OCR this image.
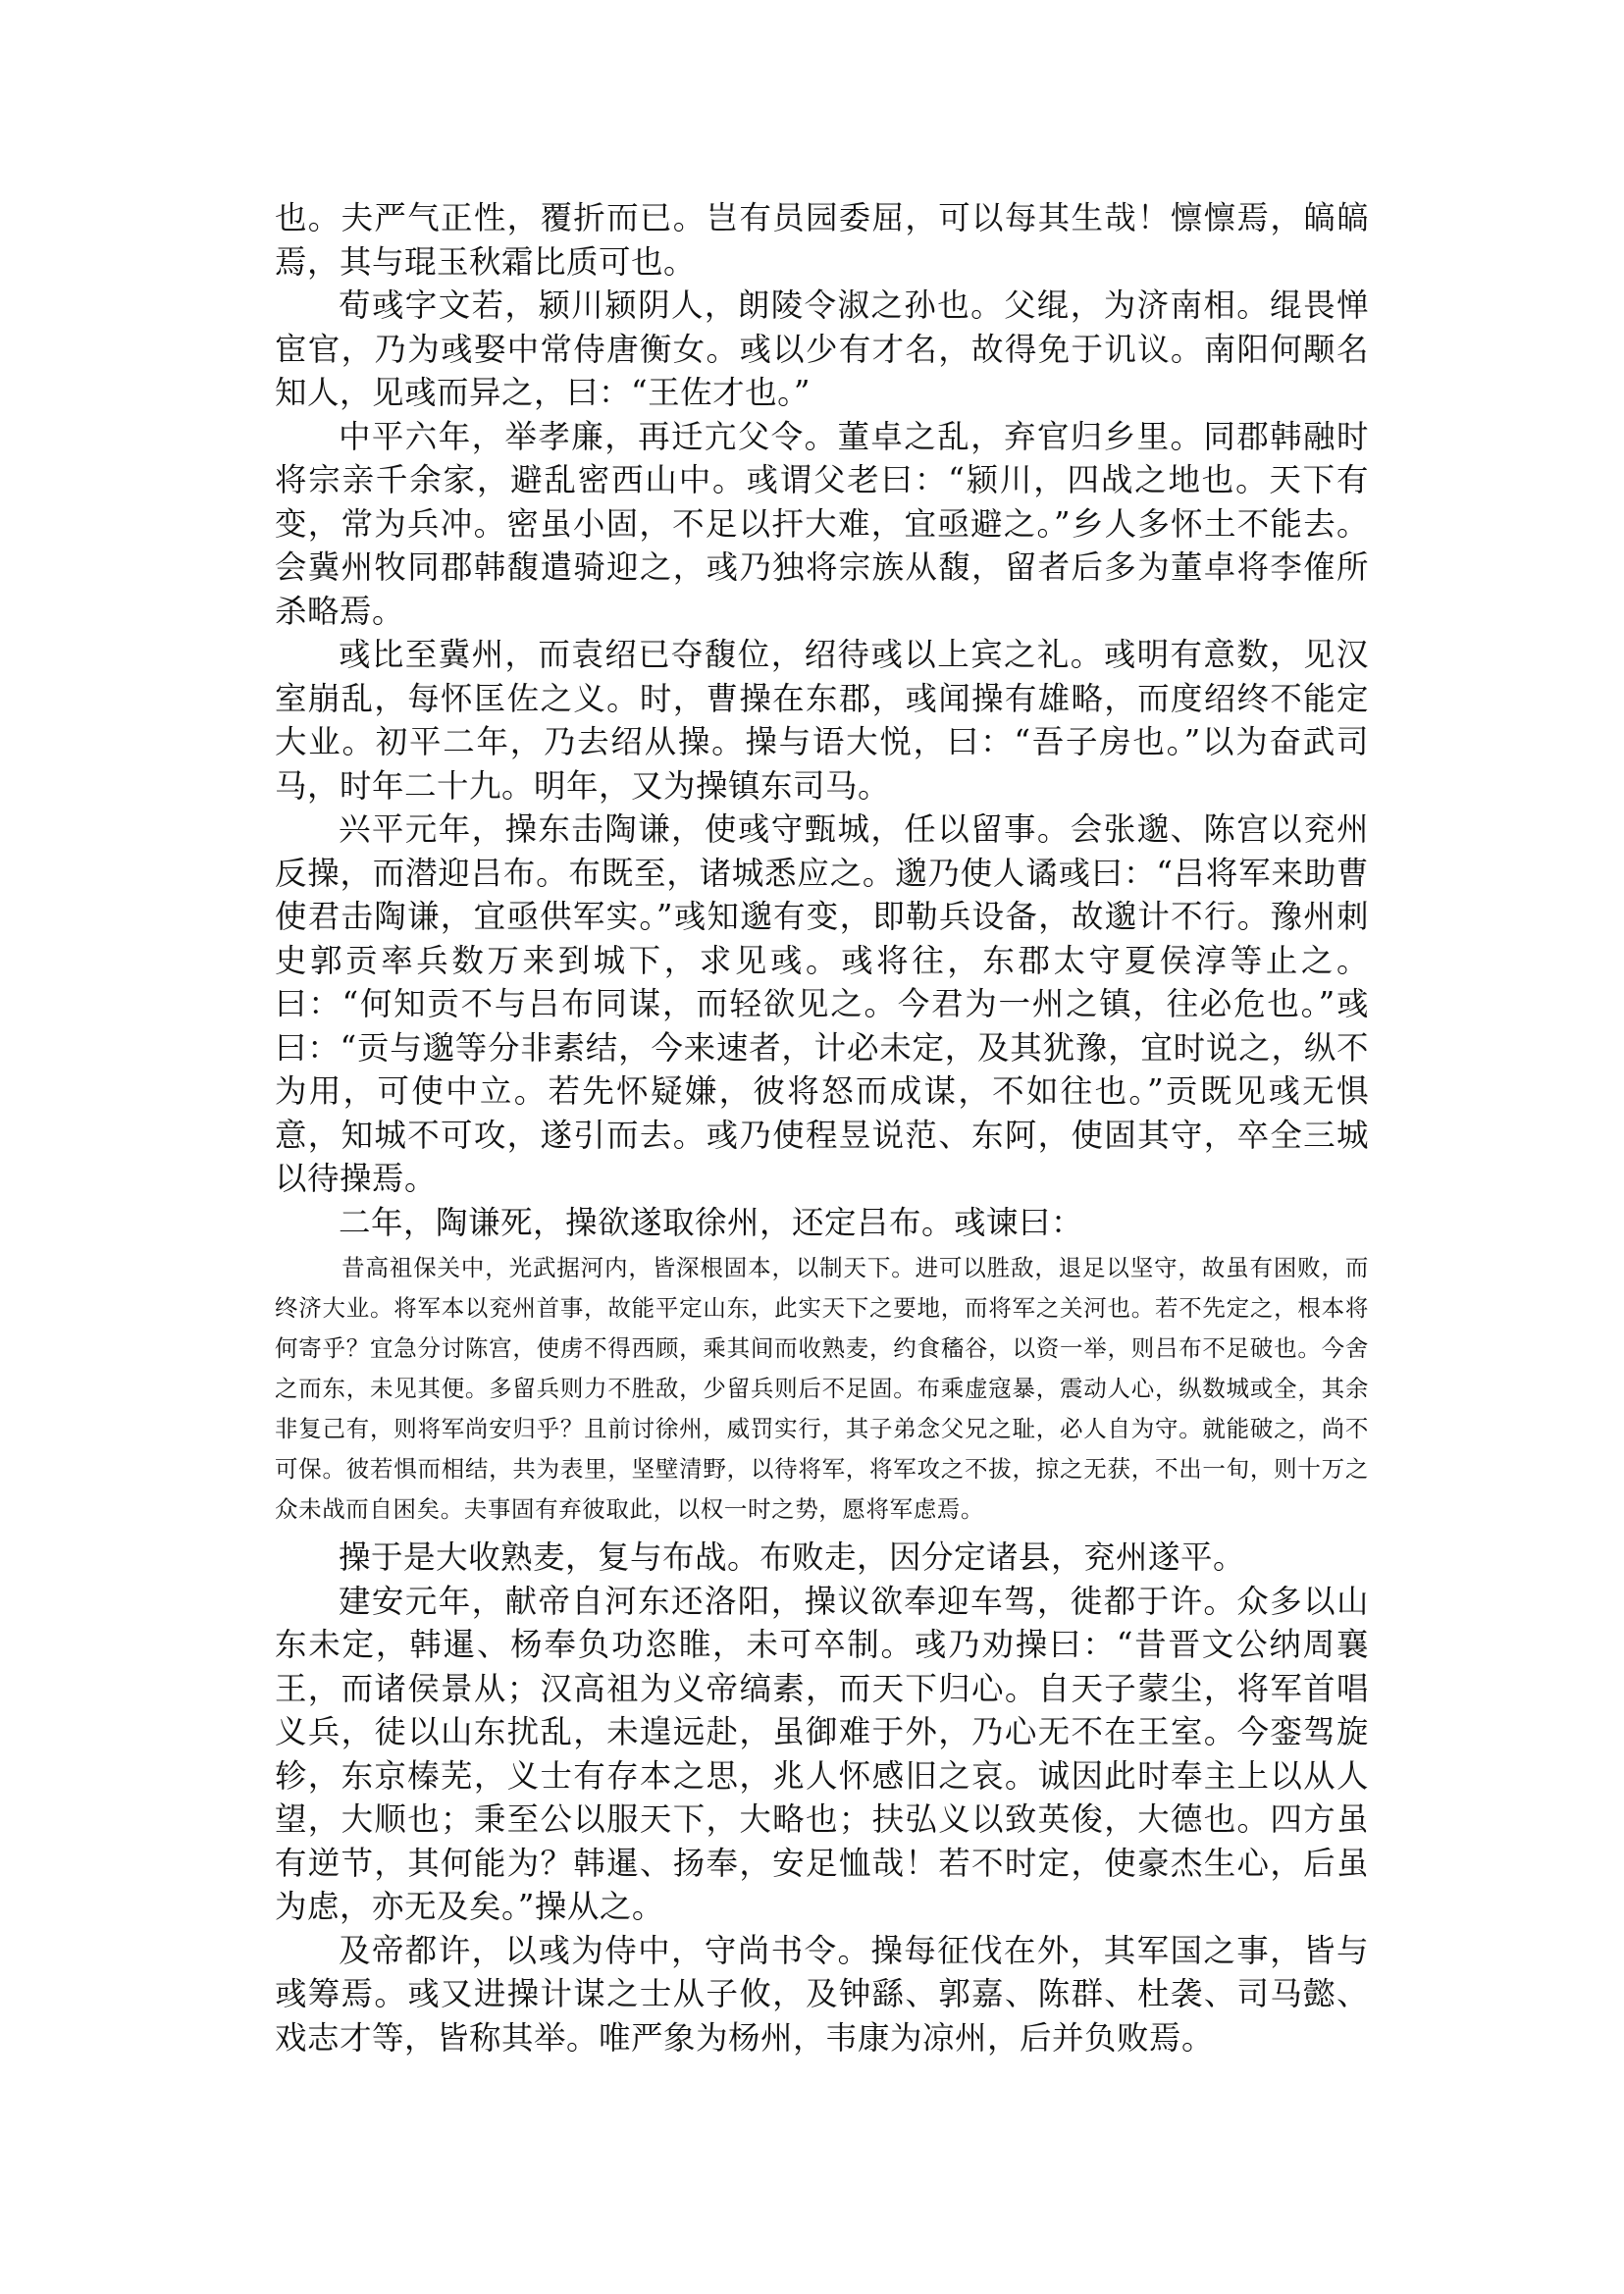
也。夫严气正性，覆折而已。岂有员园委屈，可以每其生哉！懔懔焉，皜皜焉，其与琨玉秋霜比质可也。

荀彧字文若，颍川颍阴人，朗陵令淑之孙也。父绲，为济南相。绲畏惮宦官，乃为彧娶中常侍唐衡女。彧以少有才名，故得免于讥议。南阳何颙名知人，见彧而异之，曰：“王佐才也。”

中平六年，举孝廉，再迁亢父令。董卓之乱，弃官归乡里。同郡韩融时将宗亲千余家，避乱密西山中。彧谓父老曰：“颍川，四战之地也。天下有变，常为兵冲。密虽小固，不足以扞大难，宜亟避之。”乡人多怀土不能去。会冀州牧同郡韩馥遣骑迎之，彧乃独将宗族从馥，留者后多为董卓将李傕所杀略焉。

彧比至冀州，而袁绍已夺馥位，绍待彧以上宾之礼。彧明有意数，见汉室崩乱，每怀匡佐之义。时，曹操在东郡，彧闻操有雄略，而度绍终不能定大业。初平二年，乃去绍从操。操与语大悦，曰：“吾子房也。”以为奋武司马，时年二十九。明年，又为操镇东司马。

兴平元年，操东击陶谦，使彧守甄城，任以留事。会张邈、陈宫以兖州反操，而潜迎吕布。布既至，诸城悉应之。邈乃使人谲彧曰：“吕将军来助曹使君击陶谦，宜亟供军实。”彧知邈有变，即勒兵设备，故邈计不行。豫州刺史郭贡率兵数万来到城下，求见彧。彧将往，东郡太守夏侯淳等止之。曰：“何知贡不与吕布同谋，而轻欲见之。今君为一州之镇，往必危也。”彧曰：“贡与邈等分非素结，今来速者，计必未定，及其犹豫，宜时说之，纵不为用，可使中立。若先怀疑嫌，彼将怒而成谋，不如往也。”贡既见彧无惧意，知城不可攻，遂引而去。彧乃使程昱说范、东阿，使固其守，卒全三城以待操焉。

二年，陶谦死，操欲遂取徐州，还定吕布。彧谏曰：

昔高祖保关中，光武据河内，皆深根固本，以制天下。进可以胜敌，退足以坚守，故虽有困败，而终济大业。将军本以兖州首事，故能平定山东，此实天下之要地，而将军之关河也。若不先定之，根本将何寄乎？宜急分讨陈宫，使虏不得西顾，乘其间而收熟麦，约食稸谷，以资一举，则吕布不足破也。今舍之而东，未见其便。多留兵则力不胜敌，少留兵则后不足固。布乘虚寇暴，震动人心，纵数城或全，其余非复己有，则将军尚安归乎？且前讨徐州，威罚实行，其子弟念父兄之耻，必人自为守。就能破之，尚不可保。彼若惧而相结，共为表里，坚壁清野，以待将军，将军攻之不拔，掠之无获，不出一旬，则十万之众未战而自困矣。夫事固有弃彼取此，以权一时之势，愿将军虑焉。

操于是大收熟麦，复与布战。布败走，因分定诸县，兖州遂平。

建安元年，献帝自河东还洛阳，操议欲奉迎车驾，徙都于许。众多以山东未定，韩暹、杨奉负功恣睢，未可卒制。彧乃劝操曰：“昔晋文公纳周襄王，而诸侯景从；汉高祖为义帝缟素，而天下归心。自天子蒙尘，将军首唱义兵，徒以山东扰乱，未遑远赴，虽御难于外，乃心无不在王室。今銮驾旋轸，东京榛芜，义士有存本之思，兆人怀感旧之哀。诚因此时奉主上以从人望，大顺也；秉至公以服天下，大略也；扶弘义以致英俊，大德也。四方虽有逆节，其何能为？韩暹、扬奉，安足恤哉！若不时定，使豪杰生心，后虽为虑，亦无及矣。”操从之。

及帝都许，以彧为侍中，守尚书令。操每征伐在外，其军国之事，皆与彧筹焉。彧又进操计谋之士从子攸，及钟繇、郭嘉、陈群、杜袭、司马懿、戏志才等，皆称其举。唯严象为杨州，韦康为凉州，后并负败焉。
